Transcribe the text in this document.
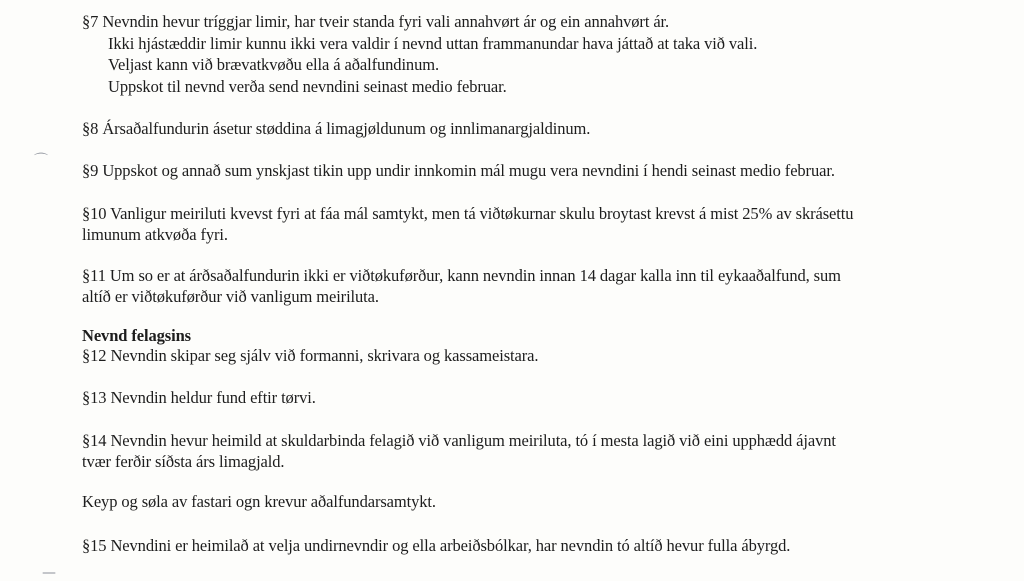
§7 Nevndin hevur tríggjar limir, har tveir standa fyri vali annahvørt ár og ein annahvørt ár.
Ikki hjástæddir limir kunnu ikki vera valdir í nevnd uttan frammanundar hava játtað at taka við vali.
Veljast kann við brævatkvøðu ella á aðalfundinum.
Uppskot til nevnd verða send nevndini seinast medio februar.
§8 Ársaðalfundurin ásetur støddina á limagjøldunum og innlimanargjaldinum.
⌒ §9 Uppskot og annað sum ynskjast tikin upp undir innkomin mál mugu vera nevndini í hendi seinast medio februar.
§10 Vanligur meiriluti kvevst fyri at fáa mál samtykt, men tá viðtøkurnar skulu broytast krevst á mist 25% av skrásettu
limunum atkvøða fyri.
§11 Um so er at árðsaðalfundurin ikki er viðtøkuførður, kann nevndin innan 14 dagar kalla inn til eykaaðalfund, sum
altíð er viðtøkuførður við vanligum meiriluta.
Nevnd felagsins
§12 Nevndin skipar seg sjálv við formanni, skrivara og kassameistara.
§13 Nevndin heldur fund eftir tørvi.
§14 Nevndin hevur heimild at skuldarbinda felagið við vanligum meiriluta, tó í mesta lagið við eini upphædd ájavnt
tvær ferðir síðsta árs limagjald.
Keyp og søla av fastari ogn krevur aðalfundarsamtykt.
§15 Nevndini er heimilað at velja undirnevndir og ella arbeiðsbólkar, har nevndin tó altíð hevur fulla ábyrgd.
—
